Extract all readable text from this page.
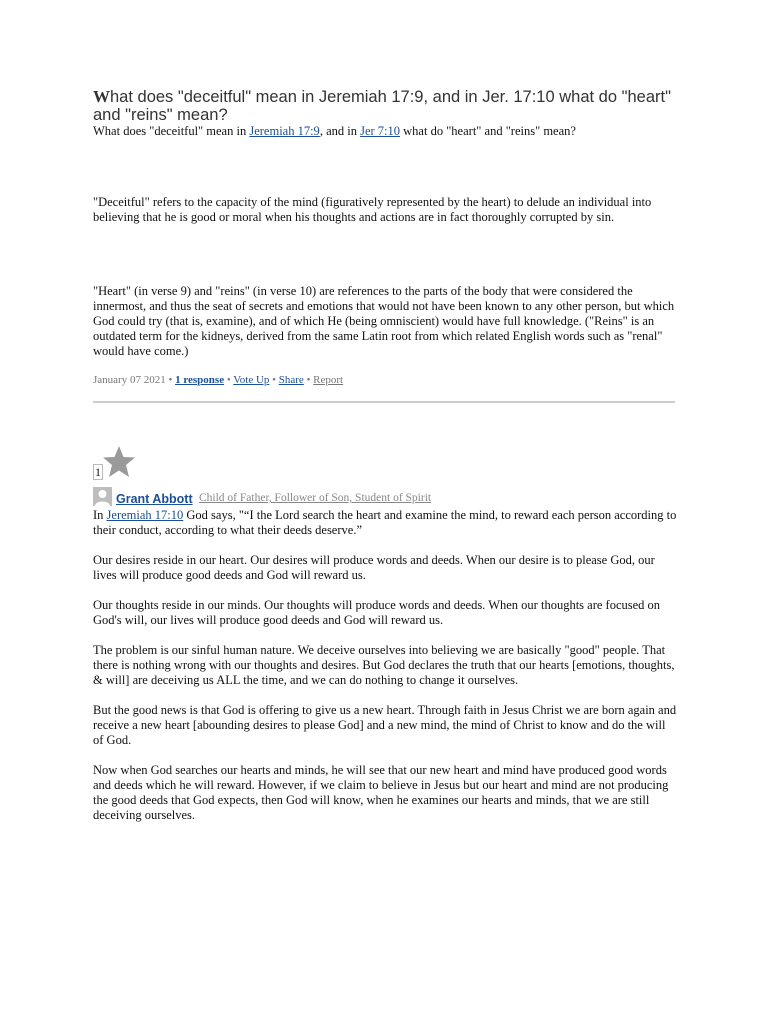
What does "deceitful" mean in Jeremiah 17:9, and in Jer. 17:10 what do "heart" and "reins" mean?
What does "deceitful" mean in Jeremiah 17:9, and in Jer 7:10 what do "heart" and "reins" mean?

"Deceitful" refers to the capacity of the mind (figuratively represented by the heart) to delude an individual into believing that he is good or moral when his thoughts and actions are in fact thoroughly corrupted by sin.

"Heart" (in verse 9) and "reins" (in verse 10) are references to the parts of the body that were considered the innermost, and thus the seat of secrets and emotions that would not have been known to any other person, but which God could try (that is, examine), and of which He (being omniscient) would have full knowledge. ("Reins" is an outdated term for the kidneys, derived from the same Latin root from which related English words such as "renal" would have come.)

January 07 2021 • 1 response • Vote Up • Share • Report
1
Grant Abbott Child of Father, Follower of Son, Student of Spirit

In Jeremiah 17:10 God says, "“I the Lord search the heart and examine the mind, to reward each person according to their conduct, according to what their deeds deserve.”

Our desires reside in our heart. Our desires will produce words and deeds. When our desire is to please God, our lives will produce good deeds and God will reward us.

Our thoughts reside in our minds. Our thoughts will produce words and deeds. When our thoughts are focused on God's will, our lives will produce good deeds and God will reward us.

The problem is our sinful human nature. We deceive ourselves into believing we are basically "good" people. That there is nothing wrong with our thoughts and desires. But God declares the truth that our hearts [emotions, thoughts, & will] are deceiving us ALL the time, and we can do nothing to change it ourselves.

But the good news is that God is offering to give us a new heart. Through faith in Jesus Christ we are born again and receive a new heart [abounding desires to please God] and a new mind, the mind of Christ to know and do the will of God.

Now when God searches our hearts and minds, he will see that our new heart and mind have produced good words and deeds which he will reward. However, if we claim to believe in Jesus but our heart and mind are not producing the good deeds that God expects, then God will know, when he examines our hearts and minds, that we are still deceiving ourselves.
